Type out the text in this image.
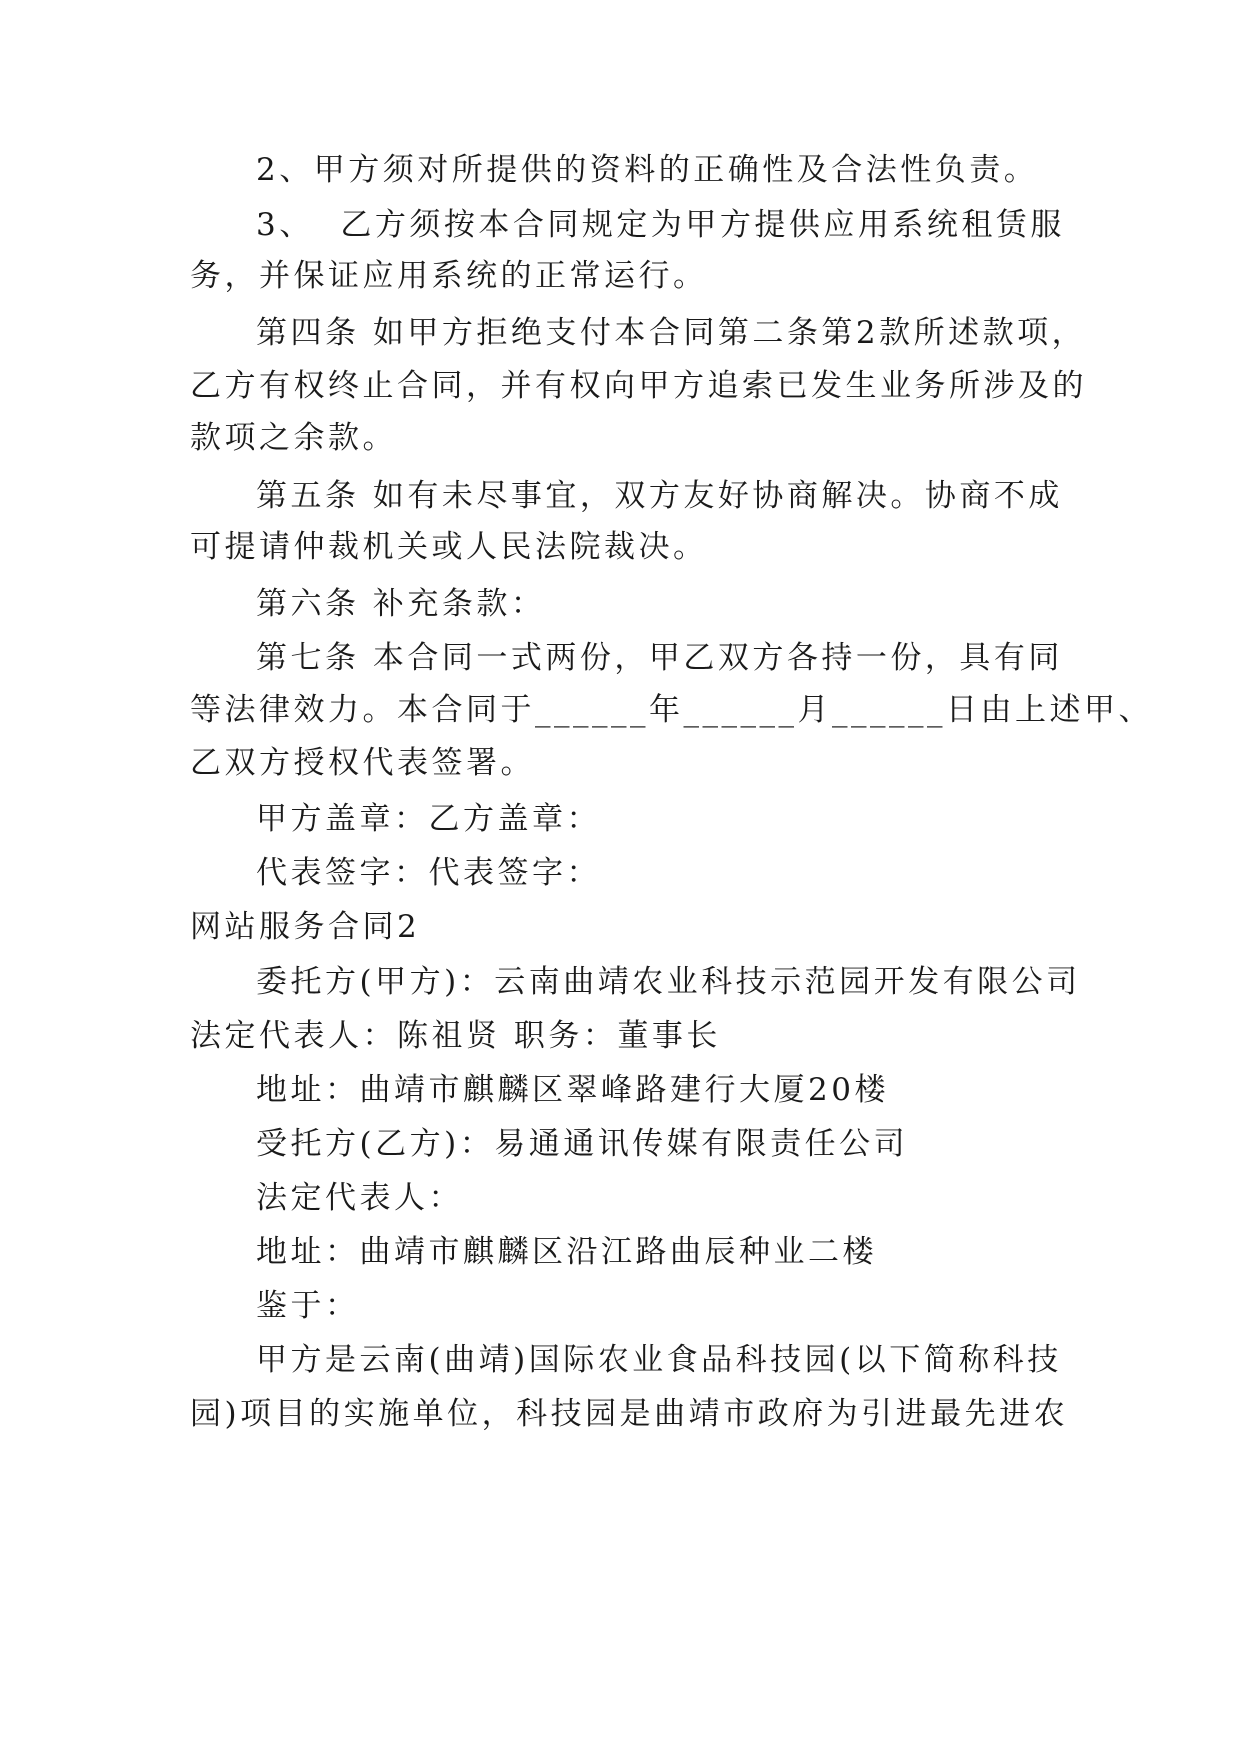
2、甲方须对所提供的资料的正确性及合法性负责。
3、  乙方须按本合同规定为甲方提供应用系统租赁服
务，并保证应用系统的正常运行。
第四条 如甲方拒绝支付本合同第二条第2款所述款项，
乙方有权终止合同，并有权向甲方追索已发生业务所涉及的
款项之余款。
第五条 如有未尽事宜，双方友好协商解决。协商不成
可提请仲裁机关或人民法院裁决。
第六条 补充条款：
第七条 本合同一式两份，甲乙双方各持一份，具有同
等法律效力。本合同于______年______月______日由上述甲、
乙双方授权代表签署。
甲方盖章：乙方盖章：
代表签字：代表签字：
网站服务合同2
委托方(甲方)：云南曲靖农业科技示范园开发有限公司
法定代表人：陈祖贤 职务：董事长
地址：曲靖市麒麟区翠峰路建行大厦20楼
受托方(乙方)：易通通讯传媒有限责任公司
法定代表人：
地址：曲靖市麒麟区沿江路曲辰种业二楼
鉴于：
甲方是云南(曲靖)国际农业食品科技园(以下简称科技
园)项目的实施单位，科技园是曲靖市政府为引进最先进农
